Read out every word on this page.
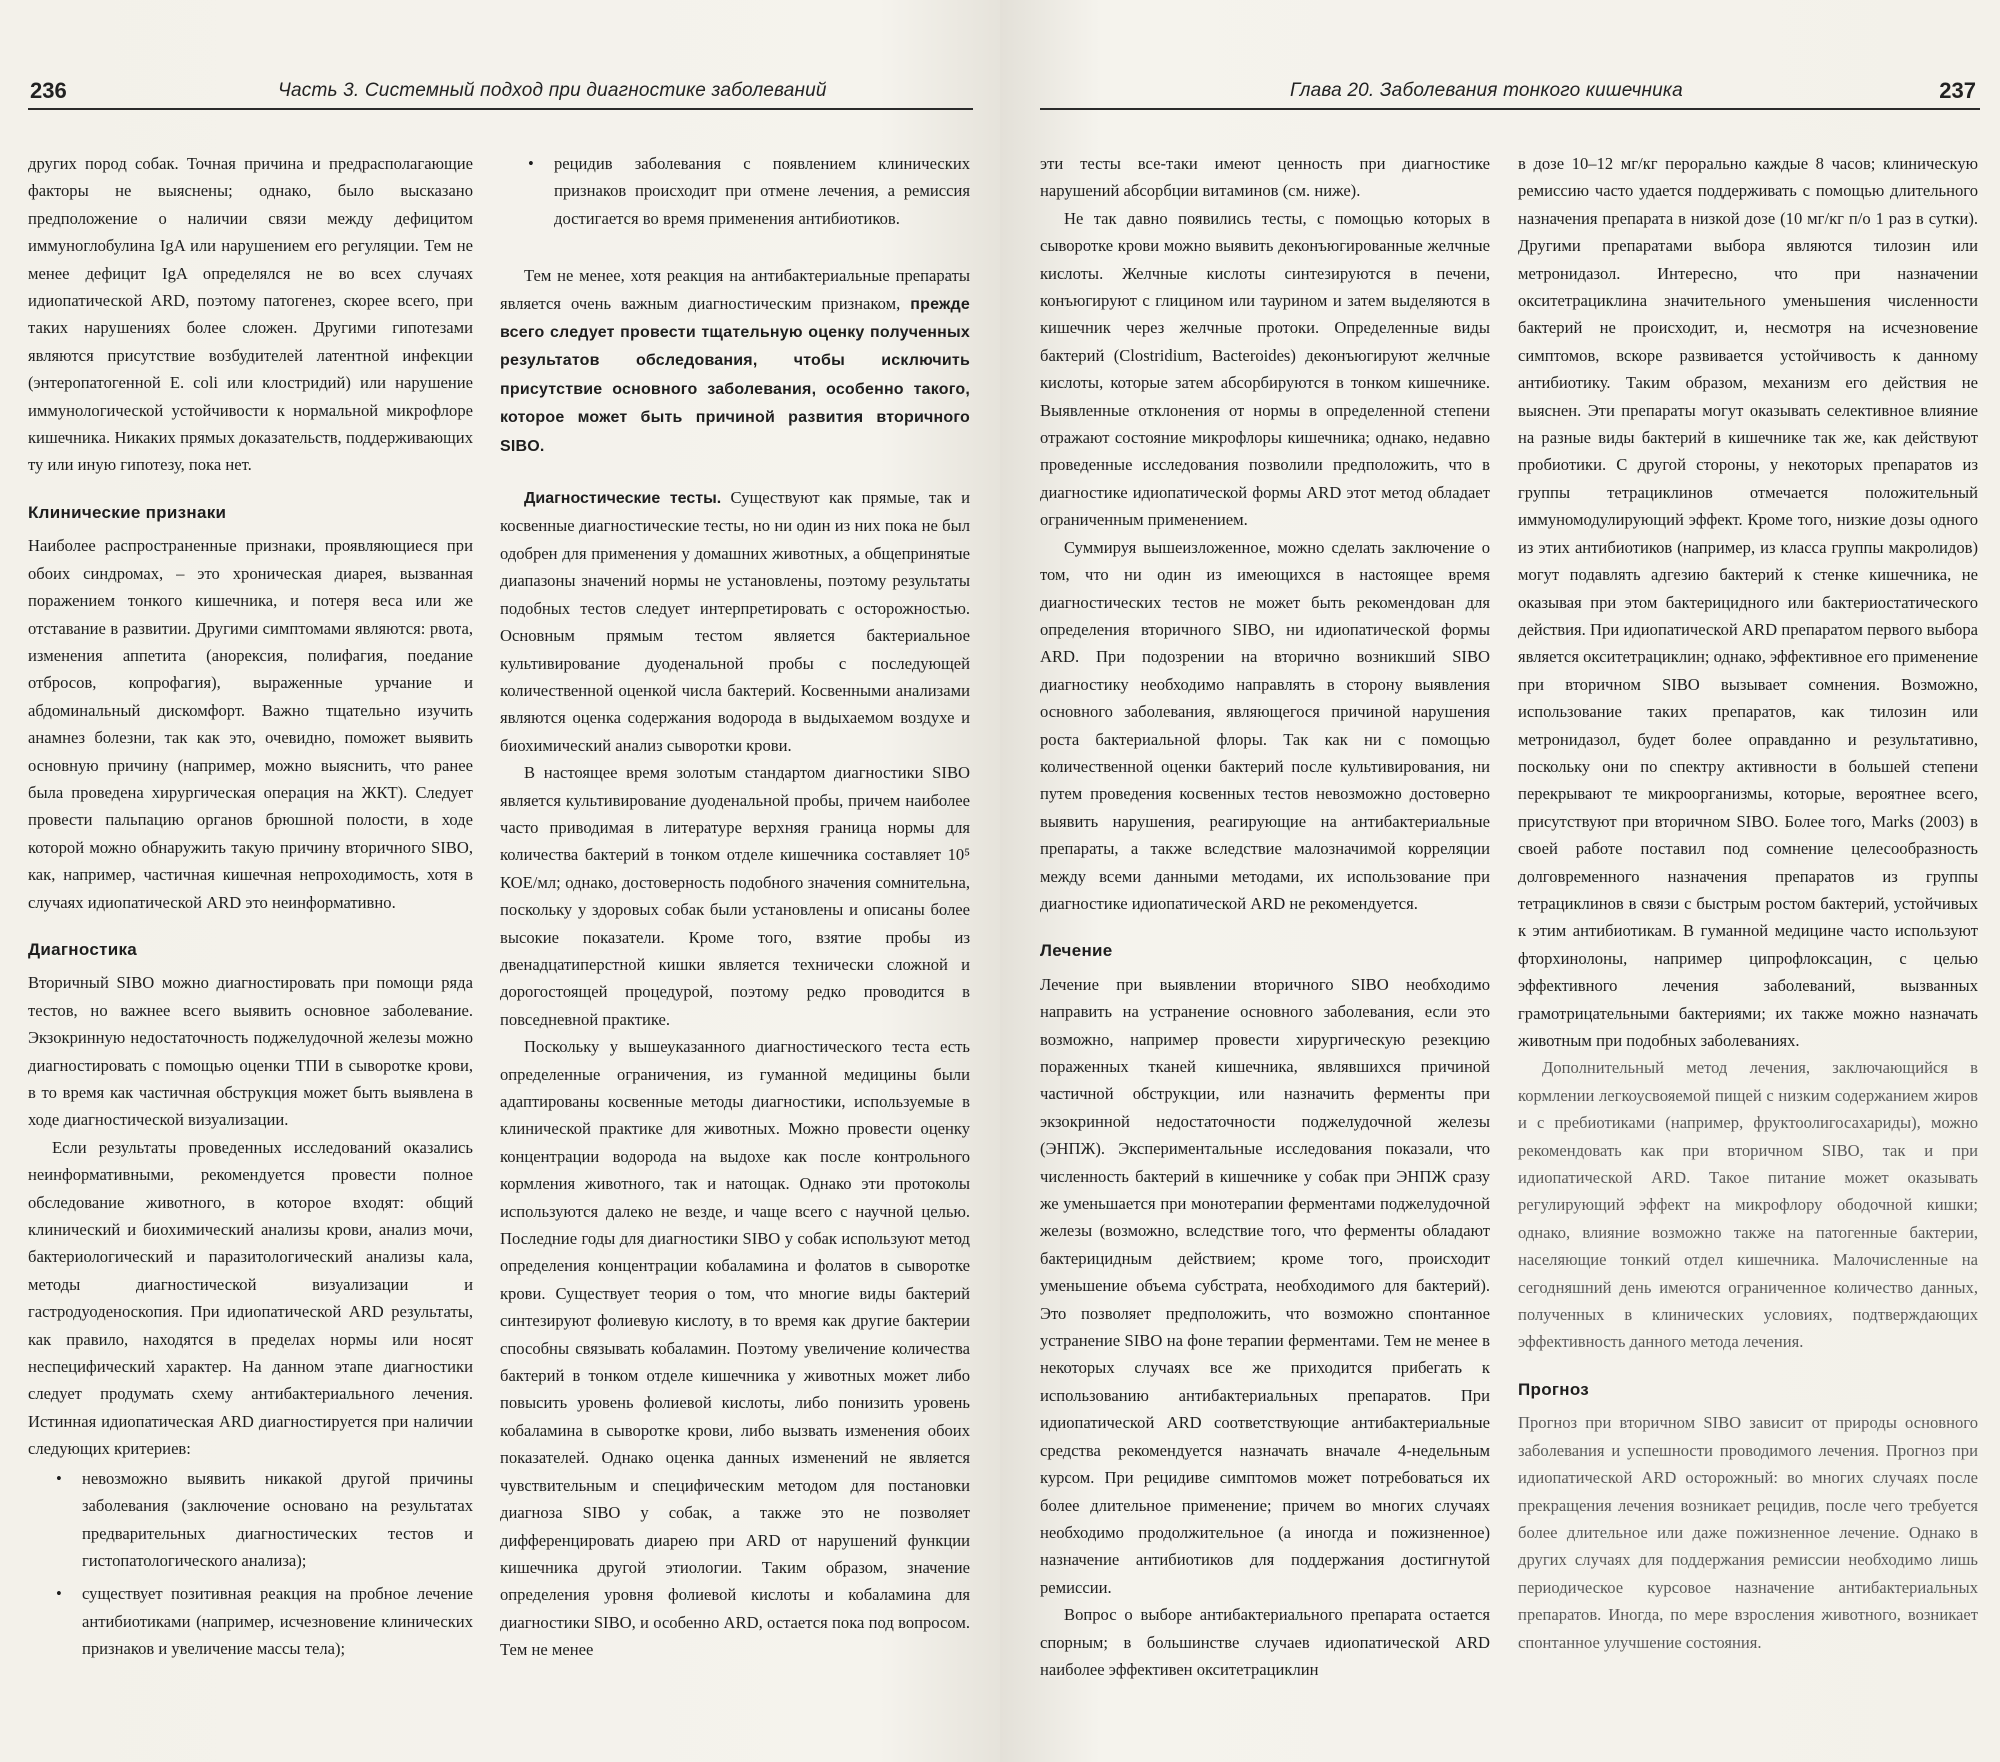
236	Часть 3. Системный подход при диагностике заболеваний

других пород собак. Точная причина и предрасполагающие факторы не выяснены; однако, было высказано предположение о наличии связи между дефицитом иммуноглобулина IgA или нарушением его регуляции. Тем не менее дефицит IgA определялся не во всех случаях идиопатической ARD, поэтому патогенез, скорее всего, при таких нарушениях более сложен. Другими гипотезами являются присутствие возбудителей латентной инфекции (энтеропатогенной E. coli или клостридий) или нарушение иммунологической устойчивости к нормальной микрофлоре кишечника. Никаких прямых доказательств, поддерживающих ту или иную гипотезу, пока нет.

Клинические признаки

Наиболее распространенные признаки, проявляющиеся при обоих синдромах, – это хроническая диарея, вызванная поражением тонкого кишечника, и потеря веса или же отставание в развитии. Другими симптомами являются: рвота, изменения аппетита (анорексия, полифагия, поедание отбросов, копрофагия), выраженные урчание и абдоминальный дискомфорт. Важно тщательно изучить анамнез болезни, так как это, очевидно, поможет выявить основную причину (например, можно выяснить, что ранее была проведена хирургическая операция на ЖКТ). Следует провести пальпацию органов брюшной полости, в ходе которой можно обнаружить такую причину вторичного SIBO, как, например, частичная кишечная непроходимость, хотя в случаях идиопатической ARD это неинформативно.

Диагностика

Вторичный SIBO можно диагностировать при помощи ряда тестов, но важнее всего выявить основное заболевание. Экзокринную недостаточность поджелудочной железы можно диагностировать с помощью оценки ТПИ в сыворотке крови, в то время как частичная обструкция может быть выявлена в ходе диагностической визуализации.

Если результаты проведенных исследований оказались неинформативными, рекомендуется провести полное обследование животного, в которое входят: общий клинический и биохимический анализы крови, анализ мочи, бактериологический и паразитологический анализы кала, методы диагностической визуализации и гастродуоденоскопия. При идиопатической ARD результаты, как правило, находятся в пределах нормы или носят неспецифический характер. На данном этапе диагностики следует продумать схему антибактериального лечения. Истинная идиопатическая ARD диагностируется при наличии следующих критериев:

• невозможно выявить никакой другой причины заболевания (заключение основано на результатах предварительных диагностических тестов и гистопатологического анализа);
• существует позитивная реакция на пробное лечение антибиотиками (например, исчезновение клинических признаков и увеличение массы тела);
• рецидив заболевания с появлением клинических признаков происходит при отмене лечения, а ремиссия достигается во время применения антибиотиков.

Тем не менее, хотя реакция на антибактериальные препараты является очень важным диагностическим признаком, прежде всего следует провести тщательную оценку полученных результатов обследования, чтобы исключить присутствие основного заболевания, особенно такого, которое может быть причиной развития вторичного SIBO.

Диагностические тесты. Существуют как прямые, так и косвенные диагностические тесты, но ни один из них пока не был одобрен для применения у домашних животных, а общепринятые диапазоны значений нормы не установлены, поэтому результаты подобных тестов следует интерпретировать с осторожностью. Основным прямым тестом является бактериальное культивирование дуоденальной пробы с последующей количественной оценкой числа бактерий. Косвенными анализами являются оценка содержания водорода в выдыхаемом воздухе и биохимический анализ сыворотки крови.

В настоящее время золотым стандартом диагностики SIBO является культивирование дуоденальной пробы, причем наиболее часто приводимая в литературе верхняя граница нормы для количества бактерий в тонком отделе кишечника составляет 10⁵ КОЕ/мл; однако, достоверность подобного значения сомнительна, поскольку у здоровых собак были установлены и описаны более высокие показатели. Кроме того, взятие пробы из двенадцатиперстной кишки является технически сложной и дорогостоящей процедурой, поэтому редко проводится в повседневной практике.

Поскольку у вышеуказанного диагностического теста есть определенные ограничения, из гуманной медицины были адаптированы косвенные методы диагностики, используемые в клинической практике для животных. Можно провести оценку концентрации водорода на выдохе как после контрольного кормления животного, так и натощак. Однако эти протоколы используются далеко не везде, и чаще всего с научной целью. Последние годы для диагностики SIBO у собак используют метод определения концентрации кобаламина и фолатов в сыворотке крови. Существует теория о том, что многие виды бактерий синтезируют фолиевую кислоту, в то время как другие бактерии способны связывать кобаламин. Поэтому увеличение количества бактерий в тонком отделе кишечника у животных может либо повысить уровень фолиевой кислоты, либо понизить уровень кобаламина в сыворотке крови, либо вызвать изменения обоих показателей. Однако оценка данных изменений не является чувствительным и специфическим методом для постановки диагноза SIBO у собак, а также это не позволяет дифференцировать диарею при ARD от нарушений функции кишечника другой этиологии. Таким образом, значение определения уровня фолиевой кислоты и кобаламина для диагностики SIBO, и особенно ARD, остается пока под вопросом. Тем не менее

Глава 20. Заболевания тонкого кишечника	237

эти тесты все-таки имеют ценность при диагностике нарушений абсорбции витаминов (см. ниже).

Не так давно появились тесты, с помощью которых в сыворотке крови можно выявить деконъюгированные желчные кислоты. Желчные кислоты синтезируются в печени, конъюгируют с глицином или таурином и затем выделяются в кишечник через желчные протоки. Определенные виды бактерий (Clostridium, Bacteroides) деконъюгируют желчные кислоты, которые затем абсорбируются в тонком кишечнике. Выявленные отклонения от нормы в определенной степени отражают состояние микрофлоры кишечника; однако, недавно проведенные исследования позволили предположить, что в диагностике идиопатической формы ARD этот метод обладает ограниченным применением.

Суммируя вышеизложенное, можно сделать заключение о том, что ни один из имеющихся в настоящее время диагностических тестов не может быть рекомендован для определения вторичного SIBO, ни идиопатической формы ARD. При подозрении на вторично возникший SIBO диагностику необходимо направлять в сторону выявления основного заболевания, являющегося причиной нарушения роста бактериальной флоры. Так как ни с помощью количественной оценки бактерий после культивирования, ни путем проведения косвенных тестов невозможно достоверно выявить нарушения, реагирующие на антибактериальные препараты, а также вследствие малозначимой корреляции между всеми данными методами, их использование при диагностике идиопатической ARD не рекомендуется.

Лечение

Лечение при выявлении вторичного SIBO необходимо направить на устранение основного заболевания, если это возможно, например провести хирургическую резекцию пораженных тканей кишечника, являвшихся причиной частичной обструкции, или назначить ферменты при экзокринной недостаточности поджелудочной железы (ЭНПЖ). Экспериментальные исследования показали, что численность бактерий в кишечнике у собак при ЭНПЖ сразу же уменьшается при монотерапии ферментами поджелудочной железы (возможно, вследствие того, что ферменты обладают бактерицидным действием; кроме того, происходит уменьшение объема субстрата, необходимого для бактерий). Это позволяет предположить, что возможно спонтанное устранение SIBO на фоне терапии ферментами. Тем не менее в некоторых случаях все же приходится прибегать к использованию антибактериальных препаратов. При идиопатической ARD соответствующие антибактериальные средства рекомендуется назначать вначале 4-недельным курсом. При рецидиве симптомов может потребоваться их более длительное применение; причем во многих случаях необходимо продолжительное (а иногда и пожизненное) назначение антибиотиков для поддержания достигнутой ремиссии.

Вопрос о выборе антибактериального препарата остается спорным; в большинстве случаев идиопатической ARD наиболее эффективен окситетрациклин

в дозе 10–12 мг/кг перорально каждые 8 часов; клиническую ремиссию часто удается поддерживать с помощью длительного назначения препарата в низкой дозе (10 мг/кг п/о 1 раз в сутки). Другими препаратами выбора являются тилозин или метронидазол. Интересно, что при назначении окситетрациклина значительного уменьшения численности бактерий не происходит, и, несмотря на исчезновение симптомов, вскоре развивается устойчивость к данному антибиотику. Таким образом, механизм его действия не выяснен. Эти препараты могут оказывать селективное влияние на разные виды бактерий в кишечнике так же, как действуют пробиотики. С другой стороны, у некоторых препаратов из группы тетрациклинов отмечается положительный иммуномодулирующий эффект. Кроме того, низкие дозы одного из этих антибиотиков (например, из класса группы макролидов) могут подавлять адгезию бактерий к стенке кишечника, не оказывая при этом бактерицидного или бактериостатического действия. При идиопатической ARD препаратом первого выбора является окситетрациклин; однако, эффективное его применение при вторичном SIBO вызывает сомнения. Возможно, использование таких препаратов, как тилозин или метронидазол, будет более оправданно и результативно, поскольку они по спектру активности в большей степени перекрывают те микроорганизмы, которые, вероятнее всего, присутствуют при вторичном SIBO. Более того, Marks (2003) в своей работе поставил под сомнение целесообразность долговременного назначения препаратов из группы тетрациклинов в связи с быстрым ростом бактерий, устойчивых к этим антибиотикам. В гуманной медицине часто используют фторхинолоны, например ципрофлоксацин, с целью эффективного лечения заболеваний, вызванных грамотрицательными бактериями; их также можно назначать животным при подобных заболеваниях.

Дополнительный метод лечения, заключающийся в кормлении легкоусвояемой пищей с низким содержанием жиров и с пребиотиками (например, фруктоолигосахариды), можно рекомендовать как при вторичном SIBO, так и при идиопатической ARD. Такое питание может оказывать регулирующий эффект на микрофлору ободочной кишки; однако, влияние возможно также на патогенные бактерии, населяющие тонкий отдел кишечника. Малочисленные на сегодняшний день имеются ограниченное количество данных, полученных в клинических условиях, подтверждающих эффективность данного метода лечения.

Прогноз

Прогноз при вторичном SIBO зависит от природы основного заболевания и успешности проводимого лечения. Прогноз при идиопатической ARD осторожный: во многих случаях после прекращения лечения возникает рецидив, после чего требуется более длительное или даже пожизненное лечение. Однако в других случаях для поддержания ремиссии необходимо лишь периодическое курсовое назначение антибактериальных препаратов. Иногда, по мере взросления животного, возникает спонтанное улучшение состояния.
